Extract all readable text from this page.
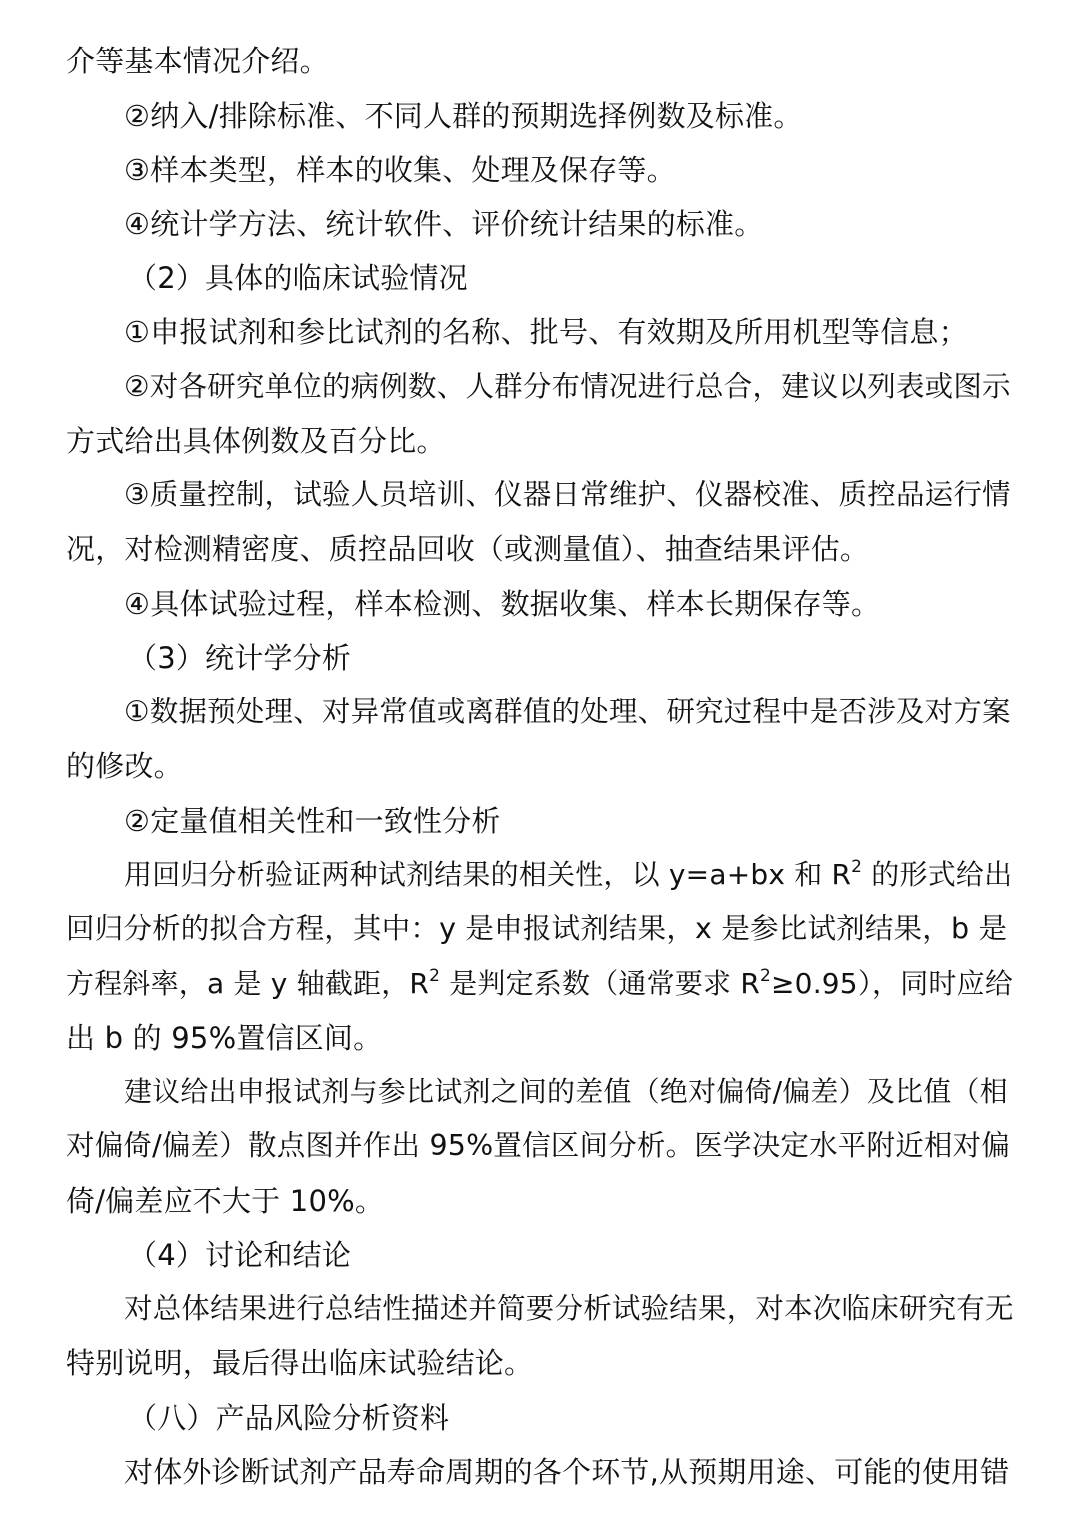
介等基本情况介绍。
②纳入/排除标准、不同人群的预期选择例数及标准。
③样本类型，样本的收集、处理及保存等。
④统计学方法、统计软件、评价统计结果的标准。
（2）具体的临床试验情况
①申报试剂和参比试剂的名称、批号、有效期及所用机型等信息；
②对各研究单位的病例数、人群分布情况进行总合，建议以列表或图示
方式给出具体例数及百分比。
③质量控制，试验人员培训、仪器日常维护、仪器校准、质控品运行情
况，对检测精密度、质控品回收（或测量值）、抽查结果评估。
④具体试验过程，样本检测、数据收集、样本长期保存等。
（3）统计学分析
①数据预处理、对异常值或离群值的处理、研究过程中是否涉及对方案
的修改。
②定量值相关性和一致性分析
用回归分析验证两种试剂结果的相关性，以 y=a+bx 和 $R^2$ 的形式给出
回归分析的拟合方程，其中：y 是申报试剂结果，x 是参比试剂结果，b 是
方程斜率，a 是 y 轴截距，$R^2$ 是判定系数（通常要求 $R^2\ge 0.95$），同时应给
出 b 的 95%置信区间。
建议给出申报试剂与参比试剂之间的差值（绝对偏倚/偏差）及比值（相
对偏倚/偏差）散点图并作出 95%置信区间分析。医学决定水平附近相对偏
倚/偏差应不大于 10%。
（4）讨论和结论
对总体结果进行总结性描述并简要分析试验结果，对本次临床研究有无
特别说明，最后得出临床试验结论。
（八）产品风险分析资料
对体外诊断试剂产品寿命周期的各个环节,从预期用途、可能的使用错
